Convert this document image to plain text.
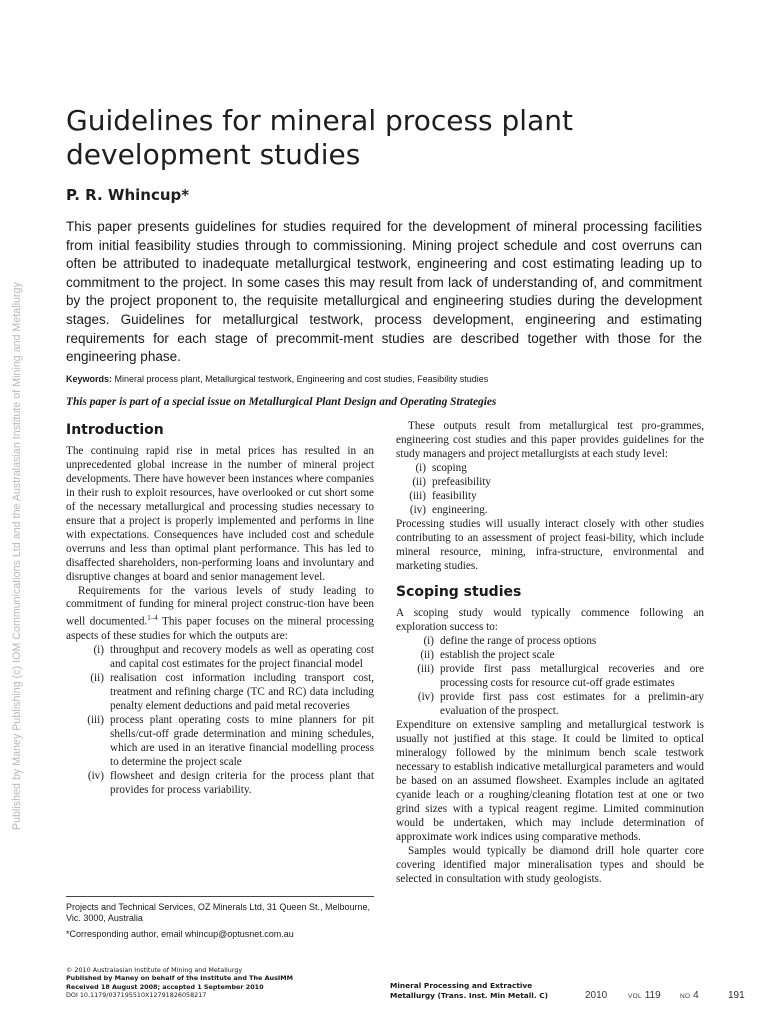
Published by Maney Publishing (c) IOM Communications Ltd and the Australasian Institute of Mining and Metallurgy
Guidelines for mineral process plant
development studies
P. R. Whincup*

This paper presents guidelines for studies required for the development of mineral processing facilities from initial feasibility studies through to commissioning. Mining project schedule and cost overruns can often be attributed to inadequate metallurgical testwork, engineering and cost estimating leading up to commitment to the project. In some cases this may result from lack of understanding of, and commitment by the project proponent to, the requisite metallurgical and engineering studies during the development stages. Guidelines for metallurgical testwork, process development, engineering and estimating requirements for each stage of precommit-ment studies are described together with those for the engineering phase.

Keywords: Mineral process plant, Metallurgical testwork, Engineering and cost studies, Feasibility studies
This paper is part of a special issue on Metallurgical Plant Design and Operating Strategies
Introduction

The continuing rapid rise in metal prices has resulted in an unprecedented global increase in the number of mineral project developments. There have however been instances where companies in their rush to exploit resources, have overlooked or cut short some of the necessary metallurgical and processing studies necessary to ensure that a project is properly implemented and performs in line with expectations. Consequences have included cost and schedule overruns and less than optimal plant performance. This has led to disaffected shareholders, non-performing loans and involuntary and disruptive changes at board and senior management level.

Requirements for the various levels of study leading to commitment of funding for mineral project construc-tion have been well documented.$^{1-4}$ This paper focuses on the mineral processing aspects of these studies for which the outputs are:

(i) throughput and recovery models as well as operating cost and capital cost estimates for the project financial model
(ii) realisation cost information including transport cost, treatment and refining charge (TC and RC) data including penalty element deductions and paid metal recoveries
(iii) process plant operating costs to mine planners for pit shells/cut-off grade determination and mining schedules, which are used in an iterative financial modelling process to determine the project scale
(iv) flowsheet and design criteria for the process plant that provides for process variability.

These outputs result from metallurgical test pro-grammes, engineering cost studies and this paper provides guidelines for the study managers and project metallurgists at each study level:

(i) scoping
(ii) prefeasibility
(iii) feasibility
(iv) engineering.

Processing studies will usually interact closely with other studies contributing to an assessment of project feasi-bility, which include mineral resource, mining, infra-structure, environmental and marketing studies.

Scoping studies

A scoping study would typically commence following an exploration success to:

(i) define the range of process options
(ii) establish the project scale
(iii) provide first pass metallurgical recoveries and ore processing costs for resource cut-off grade estimates
(iv) provide first pass cost estimates for a prelimin-ary evaluation of the prospect.

Expenditure on extensive sampling and metallurgical testwork is usually not justified at this stage. It could be limited to optical mineralogy followed by the minimum bench scale testwork necessary to establish indicative metallurgical parameters and would be based on an assumed flowsheet. Examples include an agitated cyanide leach or a roughing/cleaning flotation test at one or two grind sizes with a typical reagent regime. Limited comminution would be undertaken, which may include determination of approximate work indices using comparative methods.

Samples would typically be diamond drill hole quarter core covering identified major mineralisation types and should be selected in consultation with study geologists.

Projects and Technical Services, OZ Minerals Ltd, 31 Queen St., Melbourne, Vic. 3000, Australia
*Corresponding author, email whincup@optusnet.com.au
© 2010 Australasian Institute of Mining and Metallurgy
Published by Maney on behalf of the Institute and The AusIMM
Received 18 August 2008; accepted 1 September 2010
DOI 10.1179/037195510X12791826058217
Mineral Processing and Extractive
Metallurgy (Trans. Inst. Min Metall. C)	2010	VOL 119	NO 4	191
